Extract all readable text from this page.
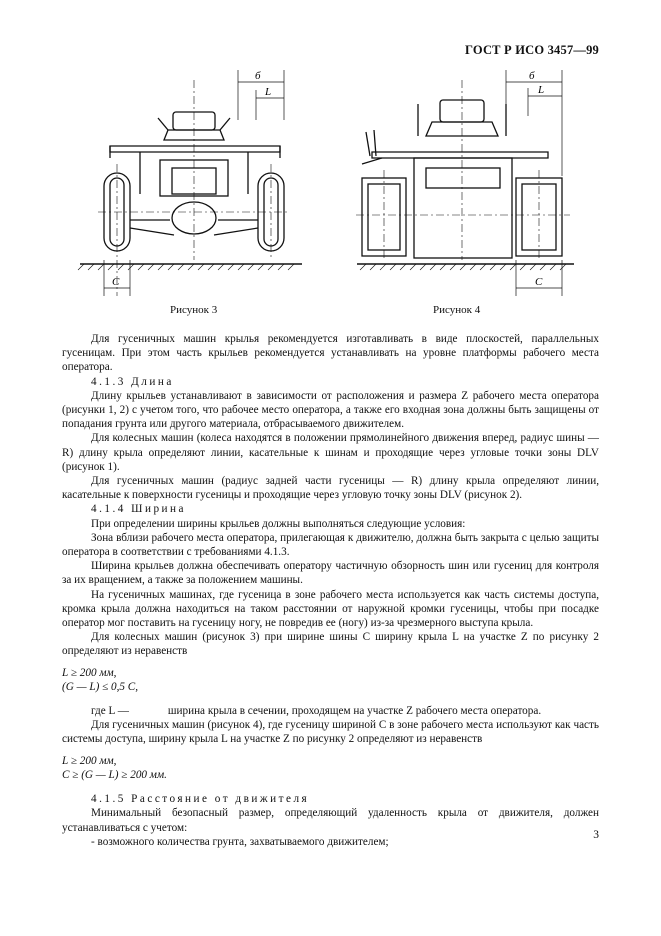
ГОСТ Р ИСО 3457—99
б
L
C
Рисунок 3
б
L
C
Рисунок 4

Для гусеничных машин крылья рекомендуется изготавливать в виде плоскостей, параллельных гусеницам. При этом часть крыльев рекомендуется устанавливать на уровне платформы рабочего места оператора.

4.1.3 Длина

Длину крыльев устанавливают в зависимости от расположения и размера Z рабочего места оператора (рисунки 1, 2) с учетом того, что рабочее место оператора, а также его входная зона должны быть защищены от попадания грунта или другого материала, отбрасываемого движителем.

Для колесных машин (колеса находятся в положении прямолинейного движения вперед, радиус шины — R) длину крыла определяют линии, касательные к шинам и проходящие через угловые точки зоны DLV (рисунок 1).

Для гусеничных машин (радиус задней части гусеницы — R) длину крыла определяют линии, касательные к поверхности гусеницы и проходящие через угловую точку зоны DLV (рисунок 2).

4.1.4 Ширина

При определении ширины крыльев должны выполняться следующие условия:

Зона вблизи рабочего места оператора, прилегающая к движителю, должна быть закрыта с целью защиты оператора в соответствии с требованиями 4.1.3.

Ширина крыльев должна обеспечивать оператору частичную обзорность шин или гусениц для контроля за их вращением, а также за положением машины.

На гусеничных машинах, где гусеница в зоне рабочего места используется как часть системы доступа, кромка крыла должна находиться на таком расстоянии от наружной кромки гусеницы, чтобы при посадке оператор мог поставить на гусеницу ногу, не повредив ее (ногу) из-за чрезмерного выступа крыла.

Для колесных машин (рисунок 3) при ширине шины C ширину крыла L на участке Z по рисунку 2 определяют из неравенств

L ≥ 200 мм,

(G — L) ≤ 0,5 C,

где L —	ширина крыла в сечении, проходящем на участке Z рабочего места оператора.

Для гусеничных машин (рисунок 4), где гусеницу шириной C в зоне рабочего места используют как часть системы доступа, ширину крыла L на участке Z по рисунку 2 определяют из неравенств

L ≥ 200 мм,

C ≥ (G — L) ≥ 200 мм.

4.1.5 Расстояние от движителя

Минимальный безопасный размер, определяющий удаленность крыла от движителя, должен устанавливаться с учетом:

- возможного количества грунта, захватываемого движителем;

3
